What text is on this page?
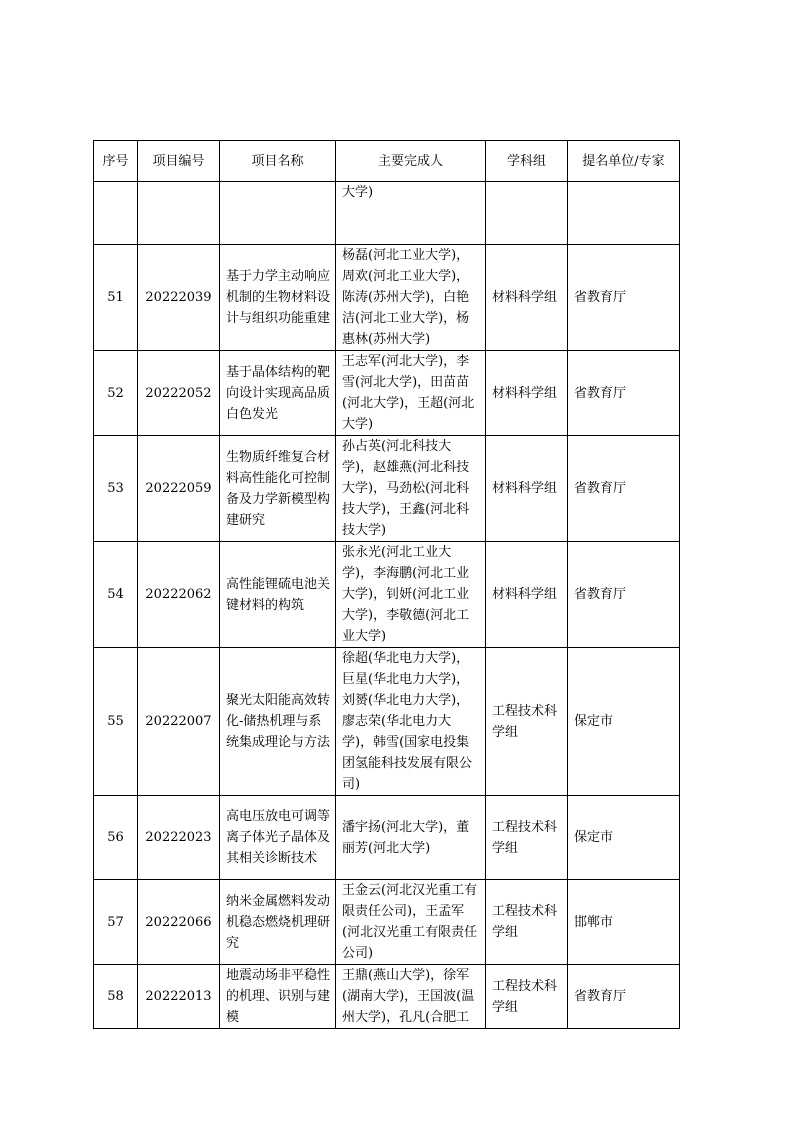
序号	项目编号	项目名称	主要完成人	学科组	提名单位/专家
			大学)		
51	20222039	基于力学主动响应机制的生物材料设计与组织功能重建	杨磊(河北工业大学)，周欢(河北工业大学)，陈涛(苏州大学)，白艳洁(河北工业大学)，杨惠林(苏州大学)	材料科学组	省教育厅
52	20222052	基于晶体结构的靶向设计实现高品质白色发光	王志军(河北大学)，李雪(河北大学)，田苗苗(河北大学)，王超(河北大学)	材料科学组	省教育厅
53	20222059	生物质纤维复合材料高性能化可控制备及力学新模型构建研究	孙占英(河北科技大学)，赵雄燕(河北科技大学)，马劲松(河北科技大学)，王鑫(河北科技大学)	材料科学组	省教育厅
54	20222062	高性能锂硫电池关键材料的构筑	张永光(河北工业大学)，李海鹏(河北工业大学)，钊妍(河北工业大学)，李敬德(河北工业大学)	材料科学组	省教育厅
55	20222007	聚光太阳能高效转化-储热机理与系统集成理论与方法	徐超(华北电力大学)，巨星(华北电力大学)，刘赟(华北电力大学)，廖志荣(华北电力大学)，韩雪(国家电投集团氢能科技发展有限公司)	工程技术科学组	保定市
56	20222023	高电压放电可调等离子体光子晶体及其相关诊断技术	潘宇扬(河北大学)，董丽芳(河北大学)	工程技术科学组	保定市
57	20222066	纳米金属燃料发动机稳态燃烧机理研究	王金云(河北汉光重工有限责任公司)，王孟军(河北汉光重工有限责任公司)	工程技术科学组	邯郸市
58	20222013	地震动场非平稳性的机理、识别与建模	王鼎(燕山大学)，徐军(湖南大学)，王国波(温州大学)，孔凡(合肥工	工程技术科学组	省教育厅
